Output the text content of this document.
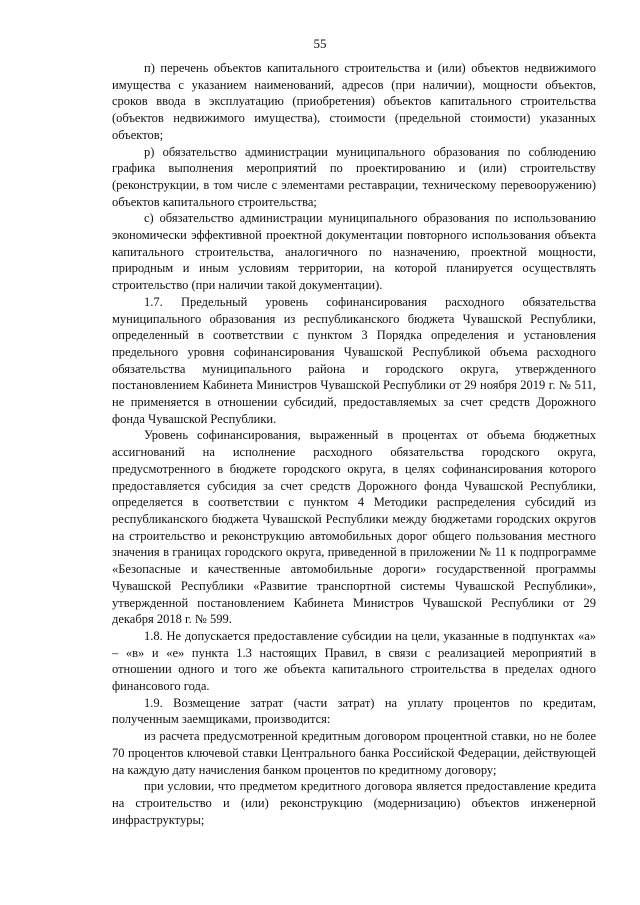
55

п) перечень объектов капитального строительства и (или) объектов недвижимого имущества с указанием наименований, адресов (при наличии), мощности объектов, сроков ввода в эксплуатацию (приобретения) объектов капитального строительства (объектов недвижимого имущества), стоимости (предельной стоимости) указанных объектов;

р) обязательство администрации муниципального образования по соблюдению графика выполнения мероприятий по проектированию и (или) строительству (реконструкции, в том числе с элементами реставрации, техническому перевооружению) объектов капитального строительства;

с) обязательство администрации муниципального образования по использованию экономически эффективной проектной документации повторного использования объекта капитального строительства, аналогичного по назначению, проектной мощности, природным и иным условиям территории, на которой планируется осуществлять строительство (при наличии такой документации).

1.7. Предельный уровень софинансирования расходного обязательства муниципального образования из республиканского бюджета Чувашской Республики, определенный в соответствии с пунктом 3 Порядка определения и установления предельного уровня софинансирования Чувашской Республикой объема расходного обязательства муниципального района и городского округа, утвержденного постановлением Кабинета Министров Чувашской Республики от 29 ноября 2019 г. № 511, не применяется в отношении субсидий, предоставляемых за счет средств Дорожного фонда Чувашской Республики.

Уровень софинансирования, выраженный в процентах от объема бюджетных ассигнований на исполнение расходного обязательства городского округа, предусмотренного в бюджете городского округа, в целях софинансирования которого предоставляется субсидия за счет средств Дорожного фонда Чувашской Республики, определяется в соответствии с пунктом 4 Методики распределения субсидий из республиканского бюджета Чувашской Республики между бюджетами городских округов на строительство и реконструкцию автомобильных дорог общего пользования местного значения в границах городского округа, приведенной в приложении № 11 к подпрограмме «Безопасные и качественные автомобильные дороги» государственной программы Чувашской Республики «Развитие транспортной системы Чувашской Республики», утвержденной постановлением Кабинета Министров Чувашской Республики от 29 декабря 2018 г. № 599.

1.8. Не допускается предоставление субсидии на цели, указанные в подпунктах «а» – «в» и «е» пункта 1.3 настоящих Правил, в связи с реализацией мероприятий в отношении одного и того же объекта капитального строительства в пределах одного финансового года.

1.9. Возмещение затрат (части затрат) на уплату процентов по кредитам, полученным заемщиками, производится:

из расчета предусмотренной кредитным договором процентной ставки, но не более 70 процентов ключевой ставки Центрального банка Российской Федерации, действующей на каждую дату начисления банком процентов по кредитному договору;

при условии, что предметом кредитного договора является предоставление кредита на строительство и (или) реконструкцию (модернизацию) объектов инженерной инфраструктуры;
